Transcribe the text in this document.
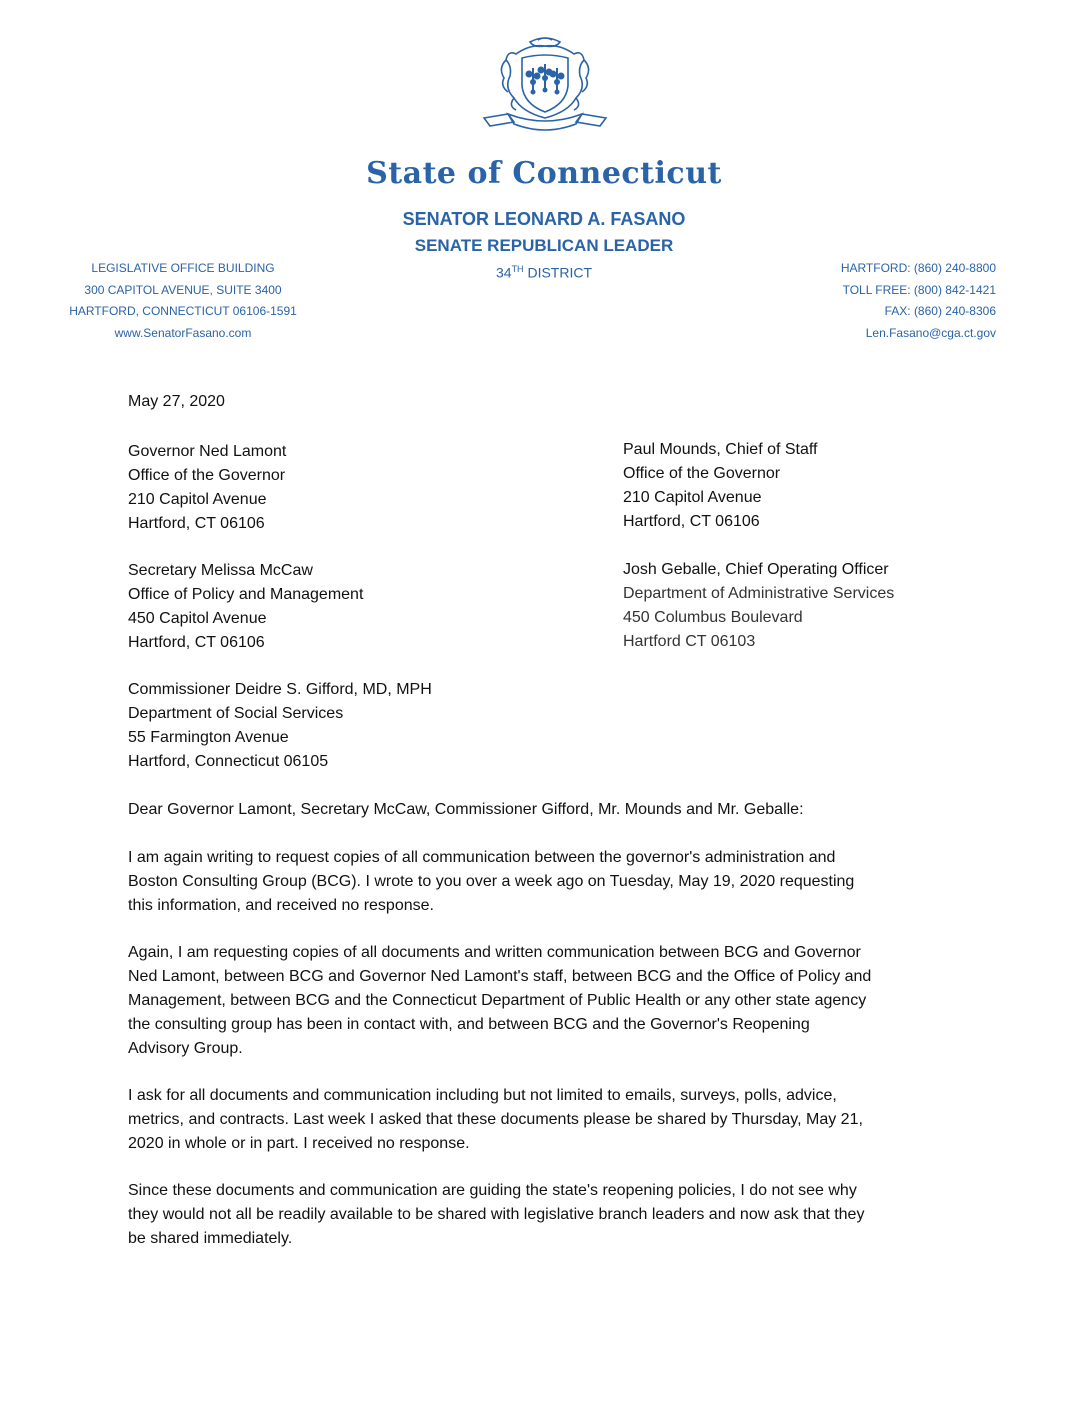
State of Connecticut
SENATOR LEONARD A. FASANO
SENATE REPUBLICAN LEADER
34TH DISTRICT
LEGISLATIVE OFFICE BUILDING
300 CAPITOL AVENUE, SUITE 3400
HARTFORD, CONNECTICUT 06106-1591
www.SenatorFasano.com
HARTFORD: (860) 240-8800
TOLL FREE: (800) 842-1421
FAX: (860) 240-8306
Len.Fasano@cga.ct.gov
May 27, 2020
Governor Ned Lamont
Office of the Governor
210 Capitol Avenue
Hartford, CT 06106
Paul Mounds, Chief of Staff
Office of the Governor
210 Capitol Avenue
Hartford, CT 06106
Secretary Melissa McCaw
Office of Policy and Management
450 Capitol Avenue
Hartford, CT 06106
Josh Geballe, Chief Operating Officer
Department of Administrative Services
450 Columbus Boulevard
Hartford CT 06103
Commissioner Deidre S. Gifford, MD, MPH
Department of Social Services
55 Farmington Avenue
Hartford, Connecticut 06105
Dear Governor Lamont, Secretary McCaw, Commissioner Gifford, Mr. Mounds and Mr. Geballe:
I am again writing to request copies of all communication between the governor's administration and
Boston Consulting Group (BCG). I wrote to you over a week ago on Tuesday, May 19, 2020 requesting
this information, and received no response.
Again, I am requesting copies of all documents and written communication between BCG and Governor
Ned Lamont, between BCG and Governor Ned Lamont's staff, between BCG and the Office of Policy and
Management, between BCG and the Connecticut Department of Public Health or any other state agency
the consulting group has been in contact with, and between BCG and the Governor's Reopening
Advisory Group.
I ask for all documents and communication including but not limited to emails, surveys, polls, advice,
metrics, and contracts. Last week I asked that these documents please be shared by Thursday, May 21,
2020 in whole or in part. I received no response.
Since these documents and communication are guiding the state's reopening policies, I do not see why
they would not all be readily available to be shared with legislative branch leaders and now ask that they
be shared immediately.
